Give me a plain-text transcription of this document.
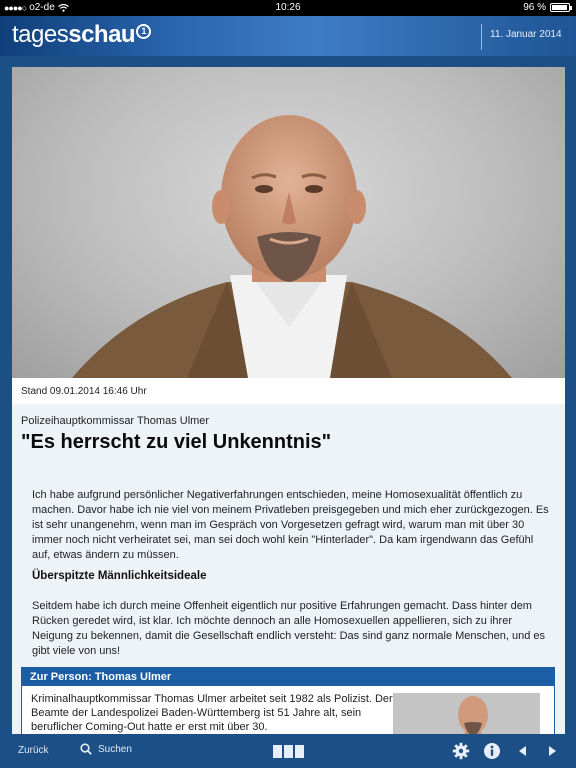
●●●●○ o2-de	10:26	96 %
tagesschau 1	11. Januar 2014
Stand 09.01.2014 16:46 Uhr
Polizeihauptkommissar Thomas Ulmer
"Es herrscht zu viel Unkenntnis"

Ich habe aufgrund persönlicher Negativerfahrungen entschieden, meine Homosexualität öffentlich zu machen. Davor habe ich nie viel von meinem Privatleben preisgegeben und mich eher zurückgezogen. Es ist sehr unangenehm, wenn man im Gespräch von Vorgesetzen gefragt wird, warum man mit über 30 immer noch nicht verheiratet sei, man sei doch wohl kein "Hinterlader". Da kam irgendwann das Gefühl auf, etwas ändern zu müssen.

Überspitzte Männlichkeitsideale

Seitdem habe ich durch meine Offenheit eigentlich nur positive Erfahrungen gemacht. Dass hinter dem Rücken geredet wird, ist klar. Ich möchte dennoch an alle Homosexuellen appellieren, sich zu ihrer Neigung zu bekennen, damit die Gesellschaft endlich versteht: Das sind ganz normale Menschen, und es gibt viele von uns!

Zur Person: Thomas Ulmer

Kriminalhauptkommissar Thomas Ulmer arbeitet seit 1982 als Polizist. Der Beamte der Landespolizei Baden-Württemberg ist 51 Jahre alt, sein beruflicher Coming-Out hatte er erst mit über 30.

Zurück	Suchen
